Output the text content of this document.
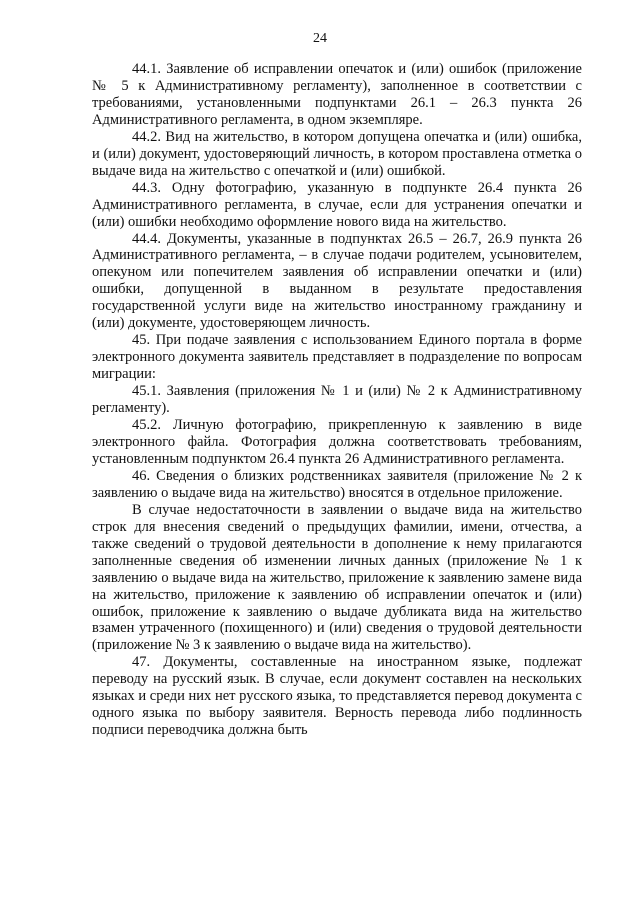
24

44.1. Заявление об исправлении опечаток и (или) ошибок (приложение № 5 к Административному регламенту), заполненное в соответствии с требованиями, установленными подпунктами 26.1 – 26.3 пункта 26 Административного регламента, в одном экземпляре.

44.2. Вид на жительство, в котором допущена опечатка и (или) ошибка, и (или) документ, удостоверяющий личность, в котором проставлена отметка о выдаче вида на жительство с опечаткой и (или) ошибкой.

44.3. Одну фотографию, указанную в подпункте 26.4 пункта 26 Административного регламента, в случае, если для устранения опечатки и (или) ошибки необходимо оформление нового вида на жительство.

44.4. Документы, указанные в подпунктах 26.5 – 26.7, 26.9 пункта 26 Административного регламента, – в случае подачи родителем, усыновителем, опекуном или попечителем заявления об исправлении опечатки и (или) ошибки, допущенной в выданном в результате предоставления государственной услуги виде на жительство иностранному гражданину и (или) документе, удостоверяющем личность.

45. При подаче заявления с использованием Единого портала в форме электронного документа заявитель представляет в подразделение по вопросам миграции:

45.1. Заявления (приложения № 1 и (или) № 2 к Административному регламенту).

45.2. Личную фотографию, прикрепленную к заявлению в виде электронного файла. Фотография должна соответствовать требованиям, установленным подпунктом 26.4 пункта 26 Административного регламента.

46. Сведения о близких родственниках заявителя (приложение № 2 к заявлению о выдаче вида на жительство) вносятся в отдельное приложение.

В случае недостаточности в заявлении о выдаче вида на жительство строк для внесения сведений о предыдущих фамилии, имени, отчества, а также сведений о трудовой деятельности в дополнение к нему прилагаются заполненные сведения об изменении личных данных (приложение № 1 к заявлению о выдаче вида на жительство, приложение к заявлению замене вида на жительство, приложение к заявлению об исправлении опечаток и (или) ошибок, приложение к заявлению о выдаче дубликата вида на жительство взамен утраченного (похищенного) и (или) сведения о трудовой деятельности (приложение № 3 к заявлению о выдаче вида на жительство).

47. Документы, составленные на иностранном языке, подлежат переводу на русский язык. В случае, если документ составлен на нескольких языках и среди них нет русского языка, то представляется перевод документа с одного языка по выбору заявителя. Верность перевода либо подлинность подписи переводчика должна быть
